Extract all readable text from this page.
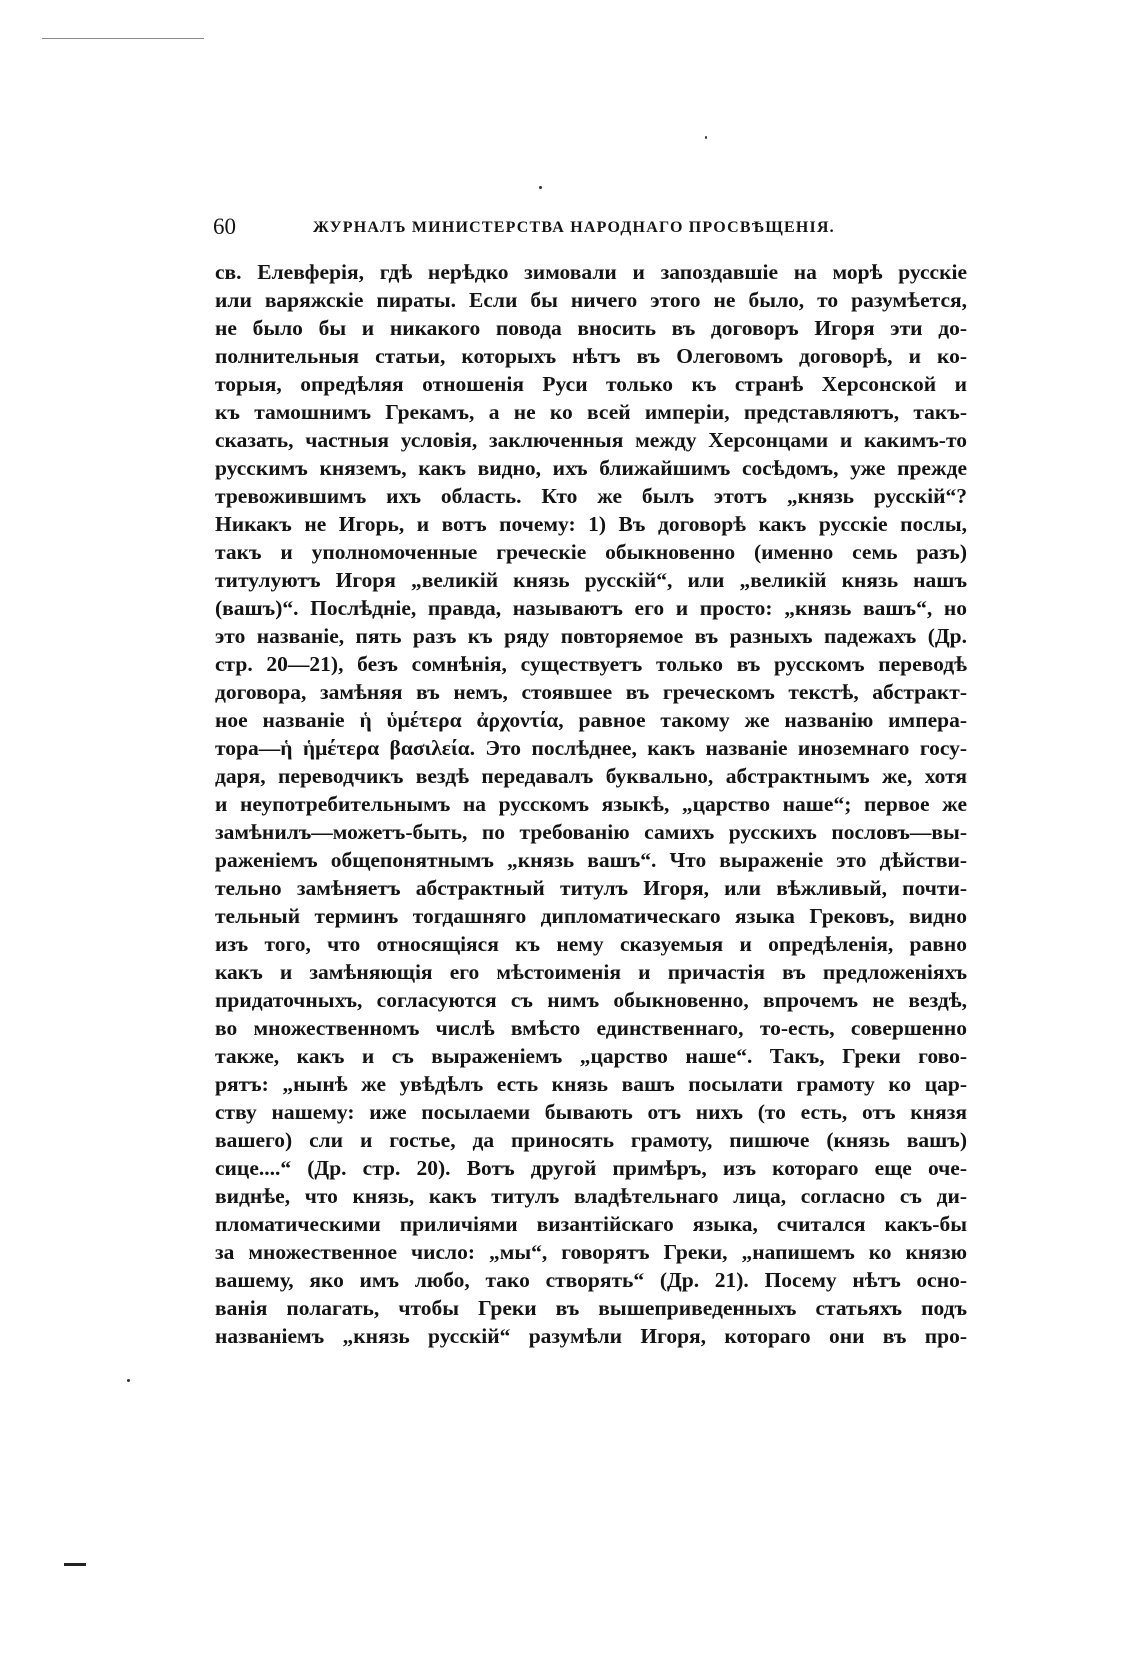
60	ЖУРНАЛЪ МИНИСТЕРСТВА НАРОДНАГО ПРОСВѢЩЕНІЯ.
св. Елевферія, гдѣ нерѣдко зимовали и запоздавшіе на морѣ русскіе
или варяжскіе пираты. Если бы ничего этого не было, то разумѣется,
не было бы и никакого повода вносить въ договоръ Игоря эти до-
полнительныя статьи, которыхъ нѣтъ въ Олеговомъ договорѣ, и ко-
торыя, опредѣляя отношенія Руси только къ странѣ Херсонской и
къ тамошнимъ Грекамъ, а не ко всей имперіи, представляютъ, такъ-
сказать, частныя условія, заключенныя между Херсонцами и какимъ-то
русскимъ княземъ, какъ видно, ихъ ближайшимъ сосѣдомъ, уже прежде
тревожившимъ ихъ область. Кто же былъ этотъ „князь русскій“?
Никакъ не Игорь, и вотъ почему: 1) Въ договорѣ какъ русскіе послы,
такъ и уполномоченные греческіе обыкновенно (именно семь разъ)
титулуютъ Игоря „великій князь русскій“, или „великій князь нашъ
(вашъ)“. Послѣдніе, правда, называютъ его и просто: „князь вашъ“, но
это названіе, пять разъ къ ряду повторяемое въ разныхъ падежахъ (Др.
стр. 20—21), безъ сомнѣнія, существуетъ только въ русскомъ переводѣ
договора, замѣняя въ немъ, стоявшее въ греческомъ текстѣ, абстракт-
ное названіе ἡ ὑμέτερα ἀρχοντία, равное такому же названію импера-
тора—ἡ ἡμέτερα βασιλεία. Это послѣднее, какъ названіе иноземнаго госу-
даря, переводчикъ вездѣ передавалъ буквально, абстрактнымъ же, хотя
и неупотребительнымъ на русскомъ языкѣ, „царство наше“; первое же
замѣнилъ—можетъ-быть, по требованію самихъ русскихъ пословъ—вы-
раженіемъ общепонятнымъ „князь вашъ“. Что выраженіе это дѣйстви-
тельно замѣняетъ абстрактный титулъ Игоря, или вѣжливый, почти-
тельный терминъ тогдашняго дипломатическаго языка Грековъ, видно
изъ того, что относящіяся къ нему сказуемыя и опредѣленія, равно
какъ и замѣняющія его мѣстоименія и причастія въ предложеніяхъ
придаточныхъ, согласуются съ нимъ обыкновенно, впрочемъ не вездѣ,
во множественномъ числѣ вмѣсто единственнаго, то-есть, совершенно
также, какъ и съ выраженіемъ „царство наше“. Такъ, Греки гово-
рятъ: „нынѣ же увѣдѣлъ есть князь вашъ посылати грамоту ко цар-
ству нашему: иже посылаеми бывають отъ нихъ (то есть, отъ князя
вашего) сли и гостье, да приносять грамоту, пишюче (князь вашъ)
сице....“ (Др. стр. 20). Вотъ другой примѣръ, изъ котораго еще оче-
виднѣе, что князь, какъ титулъ владѣтельнаго лица, согласно съ ди-
пломатическими приличіями византійскаго языка, считался какъ-бы
за множественное число: „мы“, говорятъ Греки, „напишемъ ко князю
вашему, яко имъ любо, тако створять“ (Др. 21). Посему нѣтъ осно-
ванія полагать, чтобы Греки въ вышеприведенныхъ статьяхъ подъ
названіемъ „князь русскій“ разумѣли Игоря, котораго они въ про-
